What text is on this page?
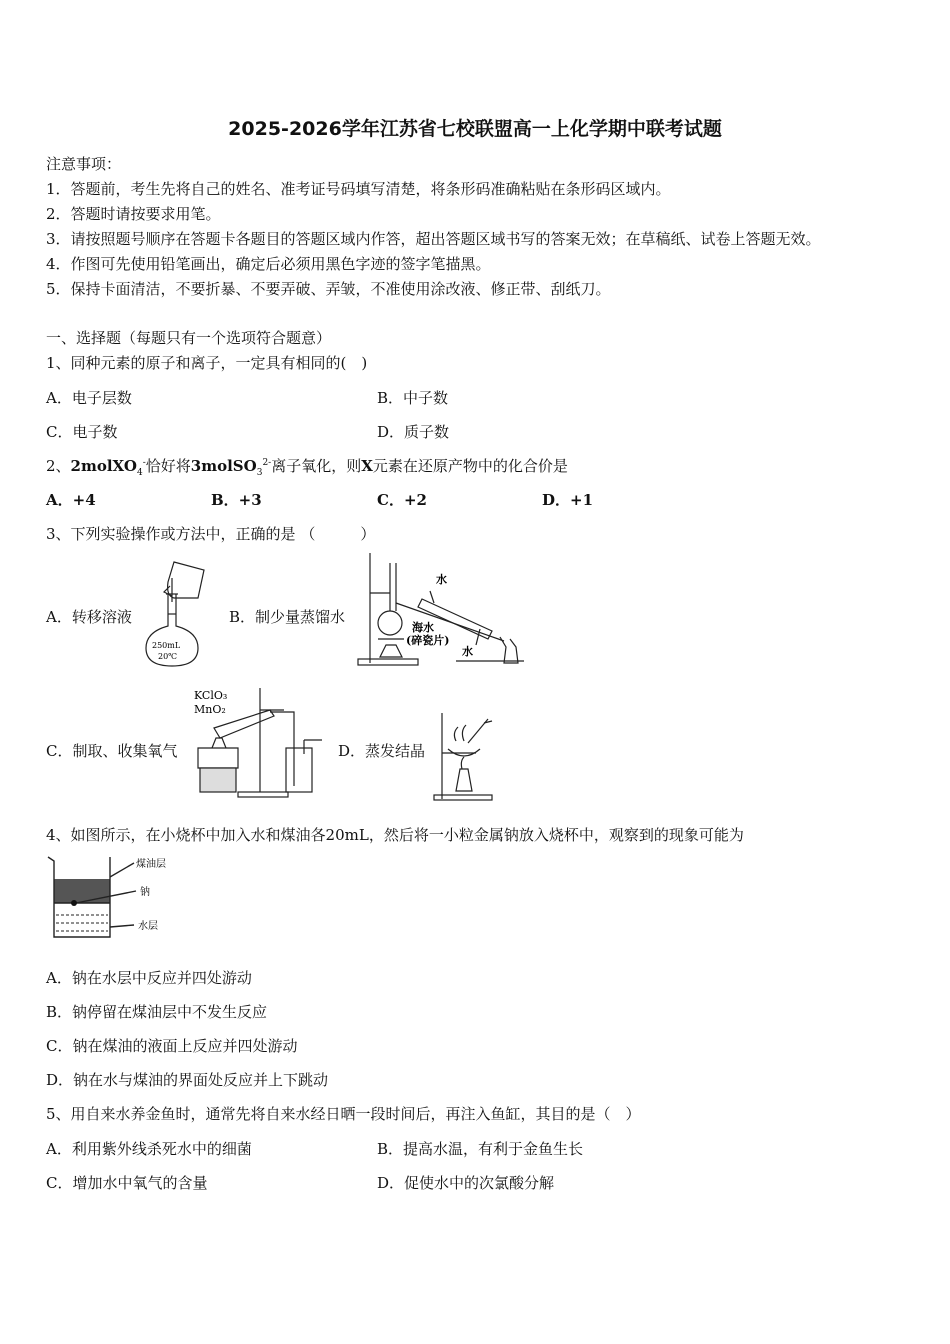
2025-2026学年江苏省七校联盟高一上化学期中联考试题
注意事项：
1．答题前，考生先将自己的姓名、准考证号码填写清楚，将条形码准确粘贴在条形码区域内。
2．答题时请按要求用笔。
3．请按照题号顺序在答题卡各题目的答题区域内作答，超出答题区域书写的答案无效；在草稿纸、试卷上答题无效。
4．作图可先使用铅笔画出，确定后必须用黑色字迹的签字笔描黑。
5．保持卡面清洁，不要折暴、不要弄破、弄皱，不准使用涂改液、修正带、刮纸刀。
一、选择题（每题只有一个选项符合题意）
1、同种元素的原子和离子，一定具有相同的(　)
A．电子层数	B．中子数
C．电子数	D．质子数
2、2molXO$_4$-恰好将3molSO$_3^{2-}$离子氧化，则X元素在还原产物中的化合价是
A．+4	B．+3	C．+2	D．+1
3、下列实验操作或方法中，正确的是 （　　　）
A．转移溶液	B．制少量蒸馏水
C．制取、收集氧气	D．蒸发结晶
250mL
20℃
水
海水
(碎瓷片)
水
KClO₃
MnO₂
4、如图所示，在小烧杯中加入水和煤油各20mL，然后将一小粒金属钠放入烧杯中，观察到的现象可能为
煤油层
钠
水层
A．钠在水层中反应并四处游动
B．钠停留在煤油层中不发生反应
C．钠在煤油的液面上反应并四处游动
D．钠在水与煤油的界面处反应并上下跳动
5、用自来水养金鱼时，通常先将自来水经日晒一段时间后，再注入鱼缸，其目的是（　）
A．利用紫外线杀死水中的细菌	B．提高水温，有利于金鱼生长
C．增加水中氧气的含量	D．促使水中的次氯酸分解
